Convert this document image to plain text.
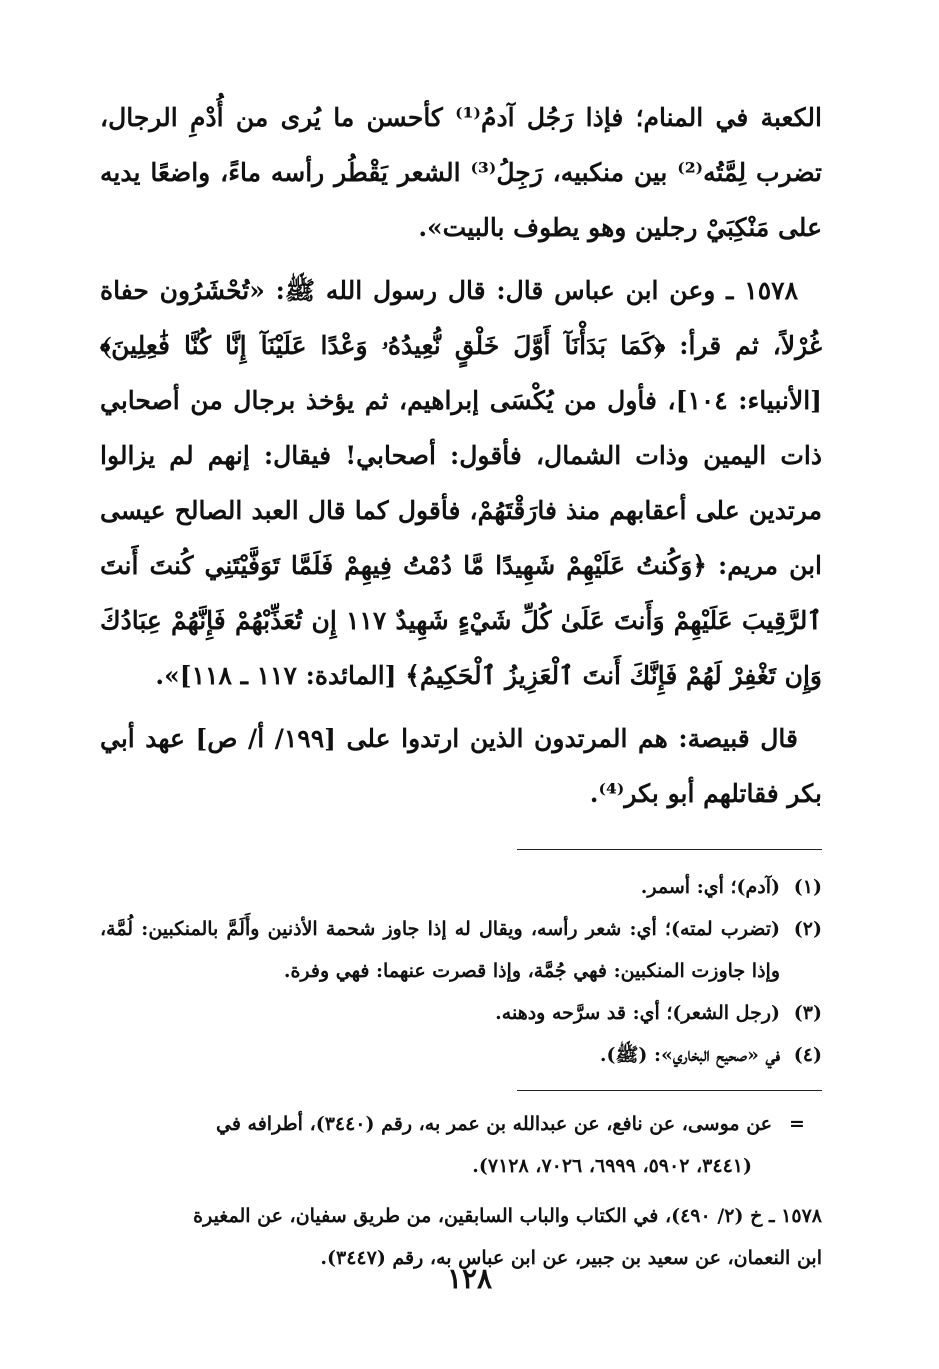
الكعبة في المنام؛ فإذا رَجُل آدمُ⁽¹⁾ كأحسن ما يُرى من أُدْمِ الرجال، تضرب لِمَّتُه⁽²⁾ بين منكبيه، رَجِلُ⁽³⁾ الشعر يَقْطُر رأسه ماءً، واضعًا يديه على مَنْكِبَيْ رجلين وهو يطوف بالبيت».

١٥٧٨ ـ وعن ابن عباس قال: قال رسول الله ﷺ: «تُحْشَرُون حفاة غُرْلاً، ثم قرأ: ﴿كَمَا بَدَأْنَآ أَوَّلَ خَلْقٍ نُّعِيدُهُۥ وَعْدًا عَلَيْنَآ إِنَّا كُنَّا فَٰعِلِينَ﴾ [الأنبياء: ١٠٤]، فأول من يُكْسَى إبراهيم، ثم يؤخذ برجال من أصحابي ذات اليمين وذات الشمال، فأقول: أصحابي! فيقال: إنهم لم يزالوا مرتدين على أعقابهم منذ فارَقْتَهُمْ، فأقول كما قال العبد الصالح عيسى ابن مريم: ﴿وَكُنتُ عَلَيْهِمْ شَهِيدًا مَّا دُمْتُ فِيهِمْ فَلَمَّا تَوَفَّيْتَنِي كُنتَ أَنتَ ٱلرَّقِيبَ عَلَيْهِمْ وَأَنتَ عَلَىٰ كُلِّ شَيْءٍ شَهِيدٌ ١١٧ إِن تُعَذِّبْهُمْ فَإِنَّهُمْ عِبَادُكَ وَإِن تَغْفِرْ لَهُمْ فَإِنَّكَ أَنتَ ٱلْعَزِيزُ ٱلْحَكِيمُ﴾ [المائدة: ١١٧ ـ ١١٨]».

قال قبيصة: هم المرتدون الذين ارتدوا على [١٩٩/ أ/ ص] عهد أبي بكر فقاتلهم أبو بكر⁽⁴⁾.

(١)
(آدم)؛ أي: أسمر.
(٢)
(تضرب لمته)؛ أي: شعر رأسه، ويقال له إذا جاوز شحمة الأذنين وأَلَمَّ بالمنكبين: لُمَّة، وإذا جاوزت المنكبين: فهي جُمَّة، وإذا قصرت عنهما: فهي وفرة.
(٣)
(رجل الشعر)؛ أي: قد سرَّحه ودهنه.
(٤)
في «صحيح البخاري»: (ﷺ).

=عن موسى، عن نافع، عن عبدالله بن عمر به، رقم (٣٤٤٠)، أطرافه في

(٣٤٤١، ٥٩٠٢، ٦٩٩٩، ٧٠٢٦، ٧١٢٨).

١٥٧٨ ـ خ (٢/ ٤٩٠)، في الكتاب والباب السابقين، من طريق سفيان، عن المغيرة

ابن النعمان، عن سعيد بن جبير، عن ابن عباس به، رقم (٣٤٤٧).

١٢٨
